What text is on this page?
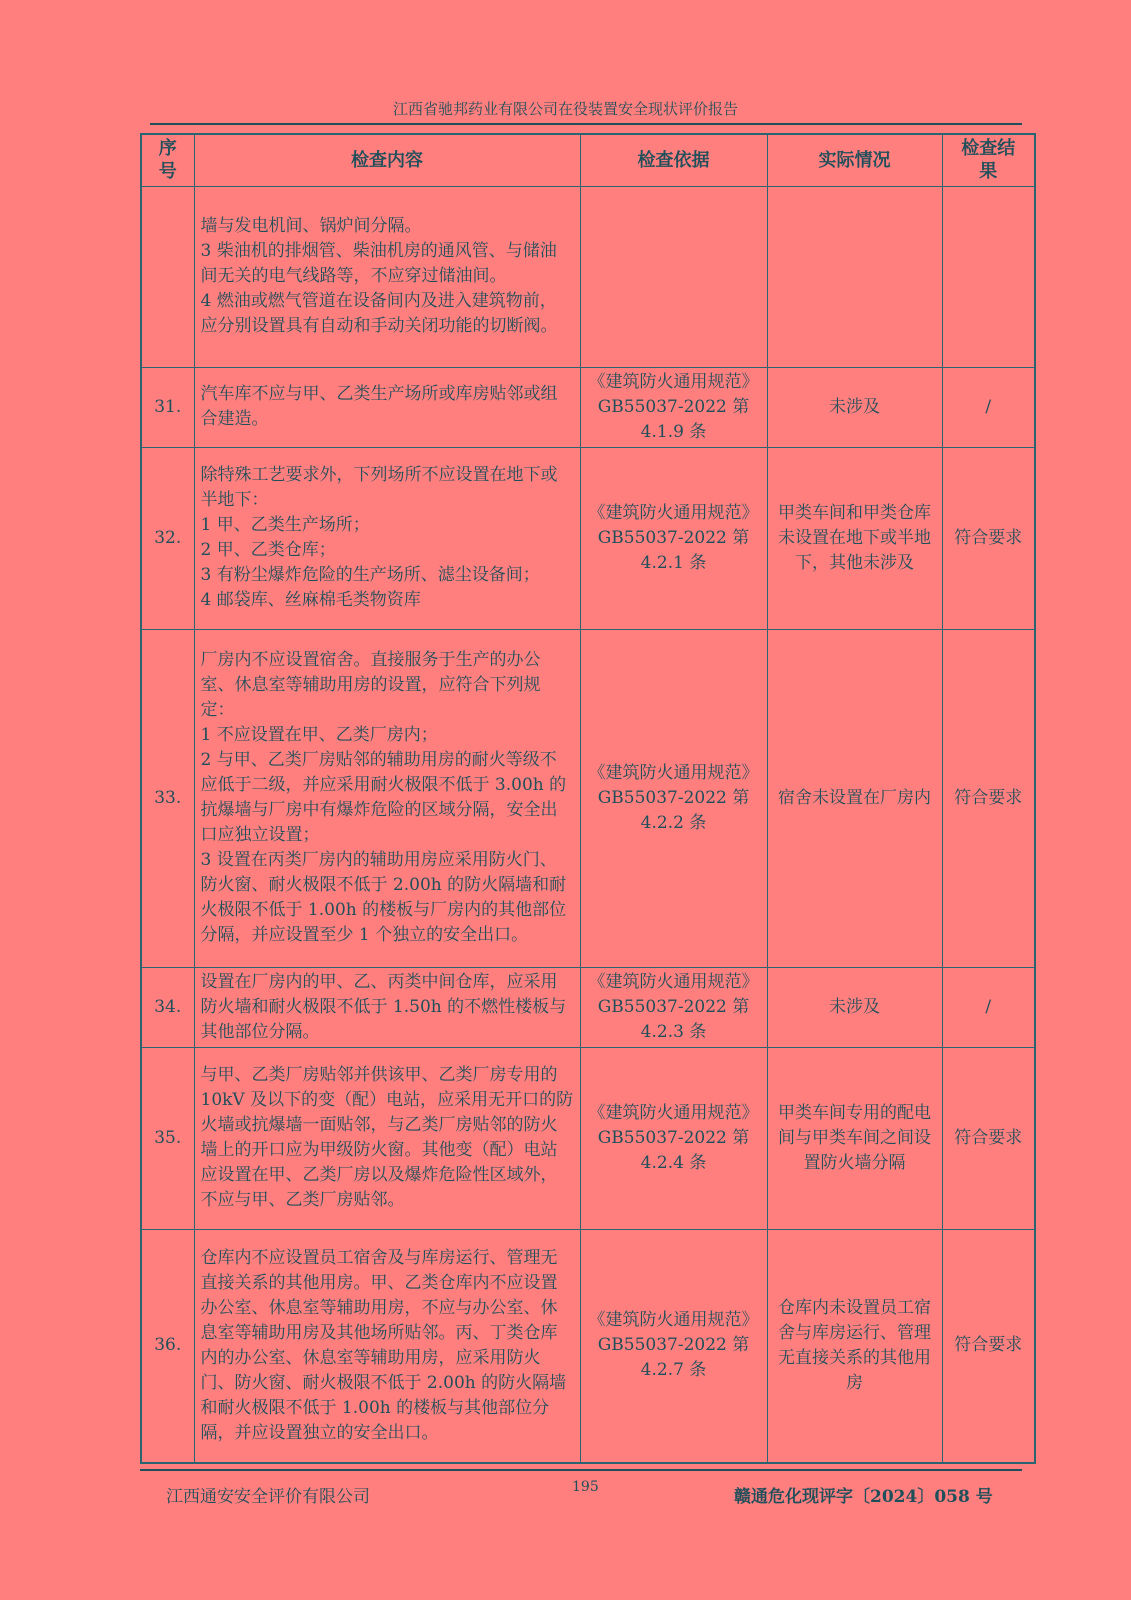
江西省驰邦药业有限公司在役装置安全现状评价报告
序号	检查内容	检查依据	实际情况	检查结果

	墙与发电机间、锅炉间分隔。
3 柴油机的排烟管、柴油机房的通风管、与储油间无关的电气线路等，不应穿过储油间。
4 燃油或燃气管道在设备间内及进入建筑物前，应分别设置具有自动和手动关闭功能的切断阀。			

31.	汽车库不应与甲、乙类生产场所或库房贴邻或组合建造。	《建筑防火通用规范》GB55037-2022 第 4.1.9 条	未涉及	/
32.	除特殊工艺要求外，下列场所不应设置在地下或半地下：
1 甲、乙类生产场所；
2 甲、乙类仓库；
3 有粉尘爆炸危险的生产场所、滤尘设备间；
4 邮袋库、丝麻棉毛类物资库	《建筑防火通用规范》GB55037-2022 第 4.2.1 条	甲类车间和甲类仓库未设置在地下或半地下，其他未涉及	符合要求
33.	厂房内不应设置宿舍。直接服务于生产的办公室、休息室等辅助用房的设置，应符合下列规定：
1 不应设置在甲、乙类厂房内；
2 与甲、乙类厂房贴邻的辅助用房的耐火等级不应低于二级，并应采用耐火极限不低于 3.00h 的抗爆墙与厂房中有爆炸危险的区域分隔，安全出口应独立设置；
3 设置在丙类厂房内的辅助用房应采用防火门、防火窗、耐火极限不低于 2.00h 的防火隔墙和耐火极限不低于 1.00h 的楼板与厂房内的其他部位分隔，并应设置至少 1 个独立的安全出口。	《建筑防火通用规范》GB55037-2022 第 4.2.2 条	宿舍未设置在厂房内	符合要求
34.	设置在厂房内的甲、乙、丙类中间仓库，应采用防火墙和耐火极限不低于 1.50h 的不燃性楼板与其他部位分隔。	《建筑防火通用规范》GB55037-2022 第 4.2.3 条	未涉及	/
35.	与甲、乙类厂房贴邻并供该甲、乙类厂房专用的 10kV 及以下的变（配）电站，应采用无开口的防火墙或抗爆墙一面贴邻，与乙类厂房贴邻的防火墙上的开口应为甲级防火窗。其他变（配）电站应设置在甲、乙类厂房以及爆炸危险性区域外，不应与甲、乙类厂房贴邻。	《建筑防火通用规范》GB55037-2022 第 4.2.4 条	甲类车间专用的配电间与甲类车间之间设置防火墙分隔	符合要求
36.	仓库内不应设置员工宿舍及与库房运行、管理无直接关系的其他用房。甲、乙类仓库内不应设置办公室、休息室等辅助用房，不应与办公室、休息室等辅助用房及其他场所贴邻。丙、丁类仓库内的办公室、休息室等辅助用房，应采用防火门、防火窗、耐火极限不低于 2.00h 的防火隔墙和耐火极限不低于 1.00h 的楼板与其他部位分隔，并应设置独立的安全出口。	《建筑防火通用规范》GB55037-2022 第 4.2.7 条	仓库内未设置员工宿舍与库房运行、管理无直接关系的其他用房	符合要求
江西通安安全评价有限公司	195	赣通危化现评字〔2024〕058 号
